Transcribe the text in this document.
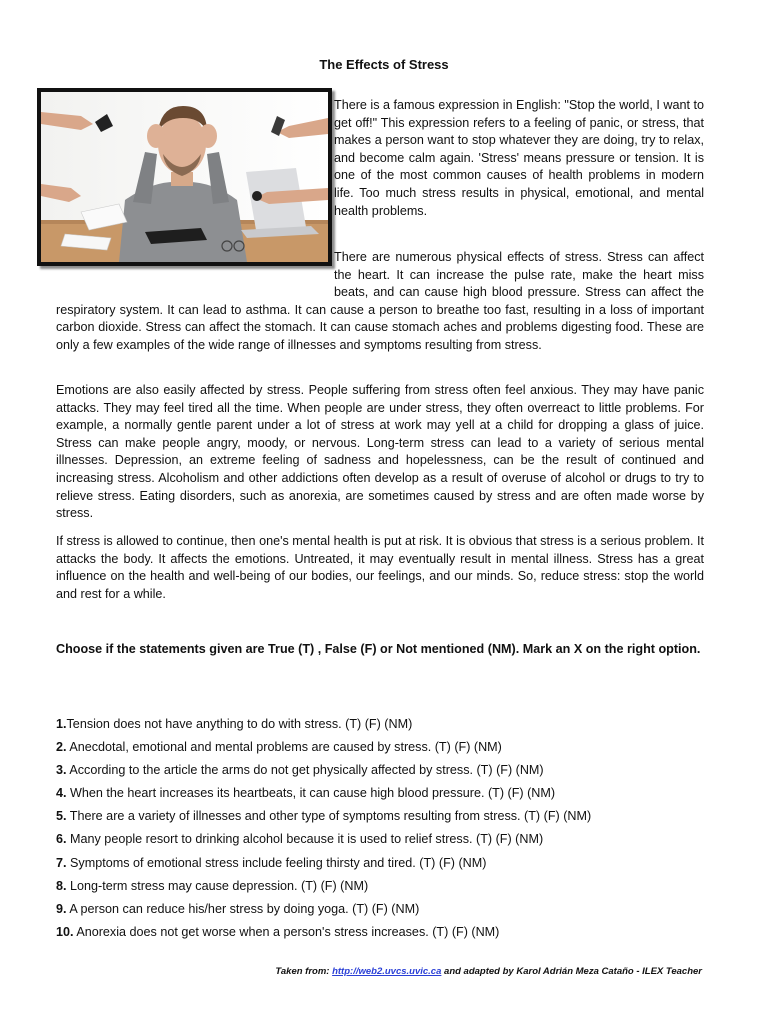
The Effects of Stress
There is a famous expression in English: "Stop the world, I want to get off!" This expression refers to a feeling of panic, or stress, that makes a person want to stop whatever they are doing, try to relax, and become calm again. 'Stress' means pressure or tension. It is one of the most common causes of health problems in modern life. Too much stress results in physical, emotional, and mental health problems.
There are numerous physical effects of stress. Stress can affect the heart. It can increase the pulse rate, make the heart miss beats, and can cause high blood pressure. Stress can affect the respiratory system. It can lead to asthma. It can cause a person to breathe too fast, resulting in a loss of important carbon dioxide. Stress can affect the stomach. It can cause stomach aches and problems digesting food. These are only a few examples of the wide range of illnesses and symptoms resulting from stress.
Emotions are also easily affected by stress. People suffering from stress often feel anxious. They may have panic attacks. They may feel tired all the time. When people are under stress, they often overreact to little problems. For example, a normally gentle parent under a lot of stress at work may yell at a child for dropping a glass of juice. Stress can make people angry, moody, or nervous. Long-term stress can lead to a variety of serious mental illnesses. Depression, an extreme feeling of sadness and hopelessness, can be the result of continued and increasing stress. Alcoholism and other addictions often develop as a result of overuse of alcohol or drugs to try to relieve stress. Eating disorders, such as anorexia, are sometimes caused by stress and are often made worse by stress.
If stress is allowed to continue, then one's mental health is put at risk. It is obvious that stress is a serious problem. It attacks the body. It affects the emotions. Untreated, it may eventually result in mental illness. Stress has a great influence on the health and well-being of our bodies, our feelings, and our minds. So, reduce stress: stop the world and rest for a while.
Choose if the statements given are True (T) , False (F) or Not mentioned (NM). Mark an X on the right option.
1.Tension does not have anything to do with stress. (T) (F) (NM)
2. Anecdotal, emotional and mental problems are caused by stress. (T) (F) (NM)
3. According to the article the arms do not get physically affected by stress. (T) (F) (NM)
4. When the heart increases its heartbeats, it can cause high blood pressure. (T) (F) (NM)
5. There are a variety of illnesses and other type of symptoms resulting from stress. (T) (F) (NM)
6. Many people resort to drinking alcohol because it is used to relief stress. (T) (F) (NM)
7. Symptoms of emotional stress include feeling thirsty and tired. (T) (F) (NM)
8. Long-term stress may cause depression. (T) (F) (NM)
9. A person can reduce his/her stress by doing yoga. (T) (F) (NM)
10. Anorexia does not get worse when a person's stress increases. (T) (F) (NM)
Taken from: http://web2.uvcs.uvic.ca and adapted by Karol Adrián Meza Cataño - ILEX Teacher
